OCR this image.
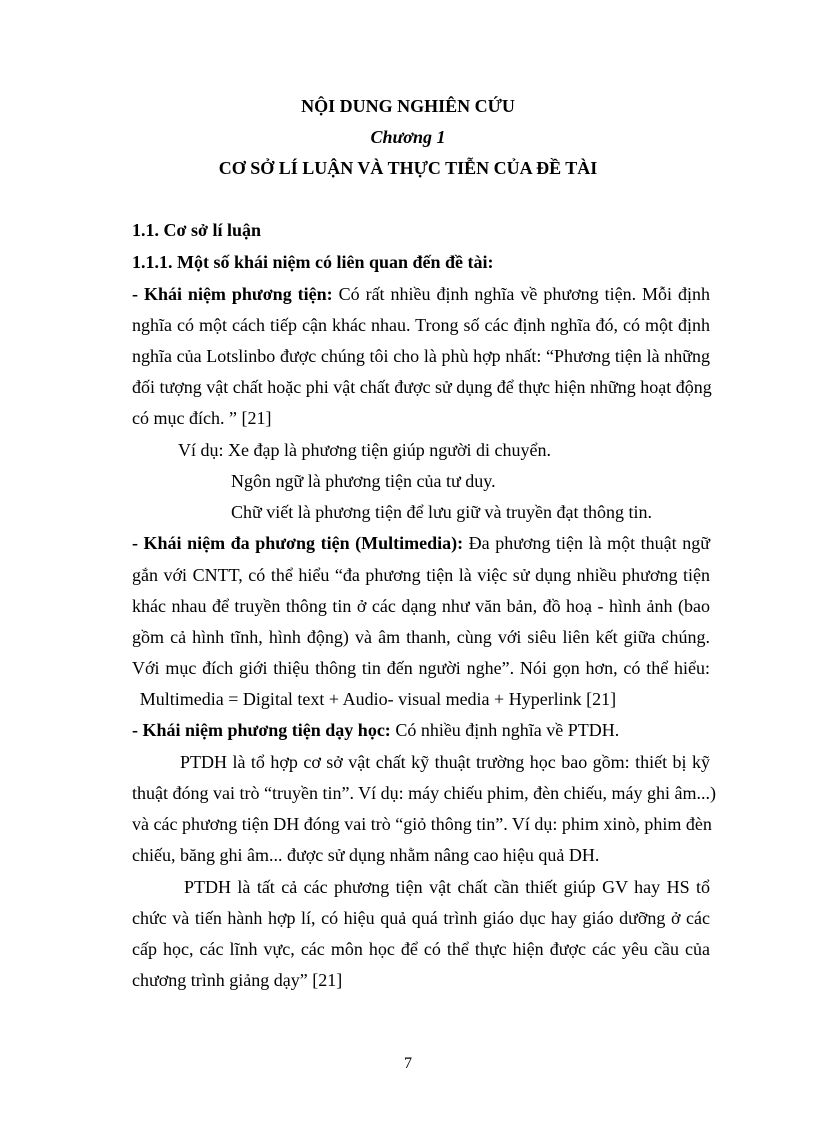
NỘI DUNG NGHIÊN CỨU
Chương 1
CƠ SỞ LÍ LUẬN VÀ THỰC TIỄN CỦA ĐỀ TÀI
1.1. Cơ sở lí luận
1.1.1. Một số khái niệm có liên quan đến đề tài:
- Khái niệm phương tiện: Có rất nhiều định nghĩa về phương tiện. Mỗi định
nghĩa có một cách tiếp cận khác nhau. Trong số các định nghĩa đó, có một định
nghĩa của Lotslinbo được chúng tôi cho là phù hợp nhất: “Phương tiện là những
đối tượng vật chất hoặc phi vật chất được sử dụng để thực hiện những hoạt động
có mục đích. ” [21]
Ví dụ: Xe đạp là phương tiện giúp người di chuyển.
Ngôn ngữ là phương tiện của tư duy.
Chữ viết là phương tiện để lưu giữ và truyền đạt thông tin.
- Khái niệm đa phương tiện (Multimedia): Đa phương tiện là một thuật ngữ
gắn với CNTT, có thể hiểu “đa phương tiện là việc sử dụng nhiều phương tiện
khác nhau để truyền thông tin ở các dạng như văn bản, đồ hoạ - hình ảnh (bao
gồm cả hình tĩnh, hình động) và âm thanh, cùng với siêu liên kết giữa chúng.
Với mục đích giới thiệu thông tin đến người nghe”. Nói gọn hơn, có thể hiểu:
Multimedia = Digital text + Audio- visual media + Hyperlink [21]
- Khái niệm phương tiện dạy học: Có nhiều định nghĩa về PTDH.
PTDH là tổ hợp cơ sở vật chất kỹ thuật trường học bao gồm: thiết bị kỹ
thuật đóng vai trò “truyền tin”. Ví dụ: máy chiếu phim, đèn chiếu, máy ghi âm...)
và các phương tiện DH đóng vai trò “giỏ thông tin”. Ví dụ: phim xinò, phim đèn
chiếu, băng ghi âm... được sử dụng nhằm nâng cao hiệu quả DH.
PTDH là tất cả các phương tiện vật chất cần thiết giúp GV hay HS tổ
chức và tiến hành hợp lí, có hiệu quả quá trình giáo dục hay giáo dưỡng ở các
cấp học, các lĩnh vực, các môn học để có thể thực hiện được các yêu cầu của
chương trình giảng dạy” [21]
7
